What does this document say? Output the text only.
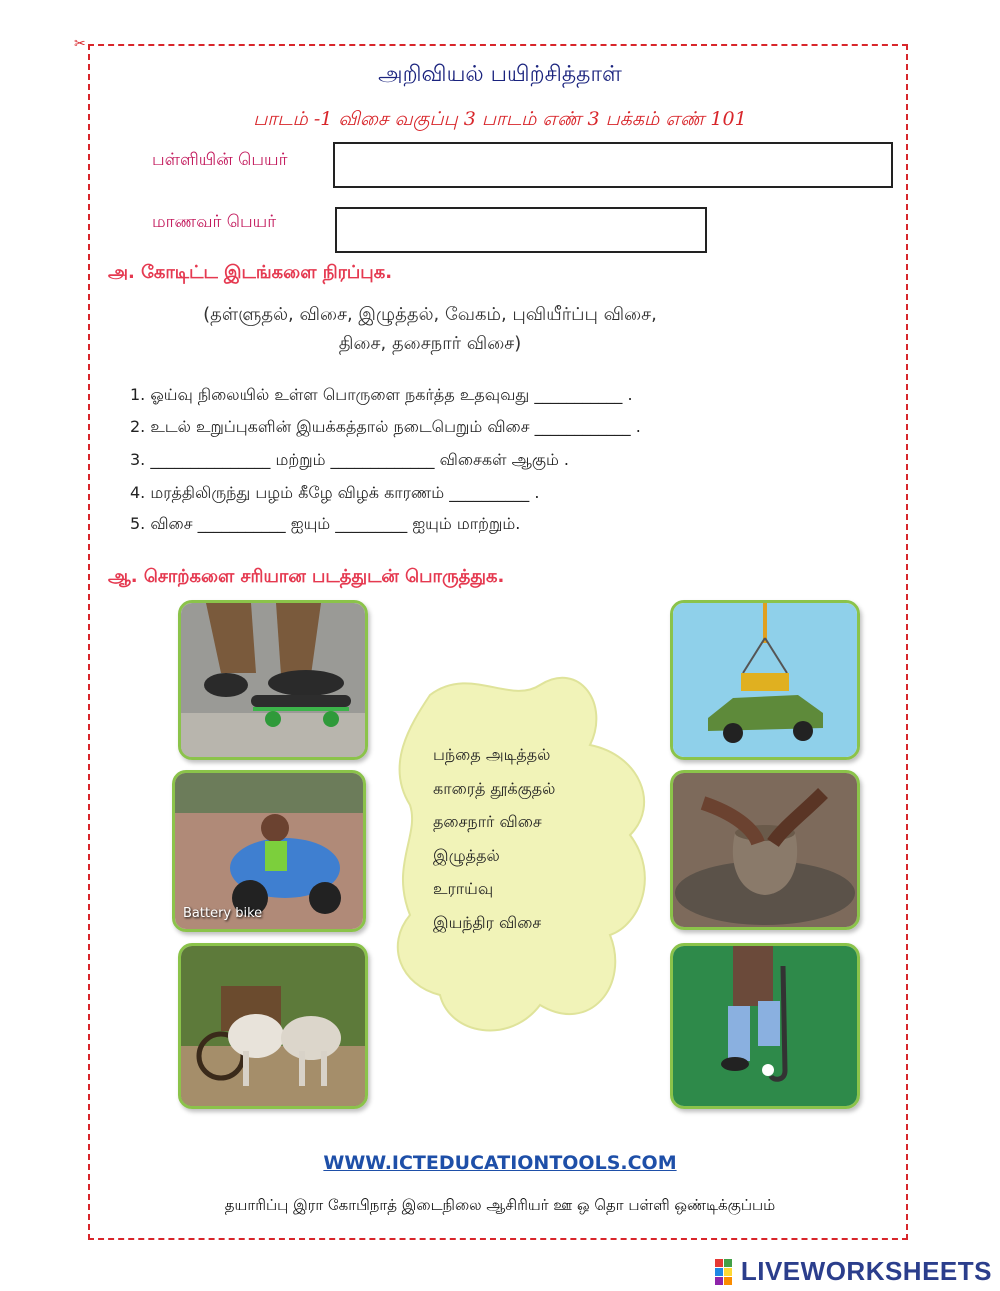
✂
அறிவியல் பயிற்சித்தாள்
பாடம் -1 விசை வகுப்பு 3 பாடம் எண் 3 பக்கம் எண் 101
பள்ளியின் பெயர்
மாணவர் பெயர்
அ. கோடிட்ட இடங்களை நிரப்புக.
(தள்ளுதல், விசை, இழுத்தல், வேகம், புவியீர்ப்பு விசை,
திசை, தசைநார் விசை)
1. ஓய்வு நிலையில் உள்ள பொருளை நகர்த்த உதவுவது ___________ .
2. உடல் உறுப்புகளின் இயக்கத்தால் நடைபெறும் விசை ____________ .
3. _______________ மற்றும் _____________ விசைகள் ஆகும் .
4. மரத்திலிருந்து பழம் கீழே விழக் காரணம் __________ .
5. விசை ___________ ஐயும் _________ ஐயும் மாற்றும்.
ஆ. சொற்களை சரியான படத்துடன் பொருத்துக.
Battery bike
பந்தை அடித்தல்
காரைத் தூக்குதல்
தசைநார் விசை
இழுத்தல்
உராய்வு
இயந்திர விசை
WWW.ICTEDUCATIONTOOLS.COM
தயாரிப்பு இரா கோபிநாத் இடைநிலை ஆசிரியர் ஊ ஒ தொ பள்ளி ஒண்டிக்குப்பம்
LIVEWORKSHEETS
